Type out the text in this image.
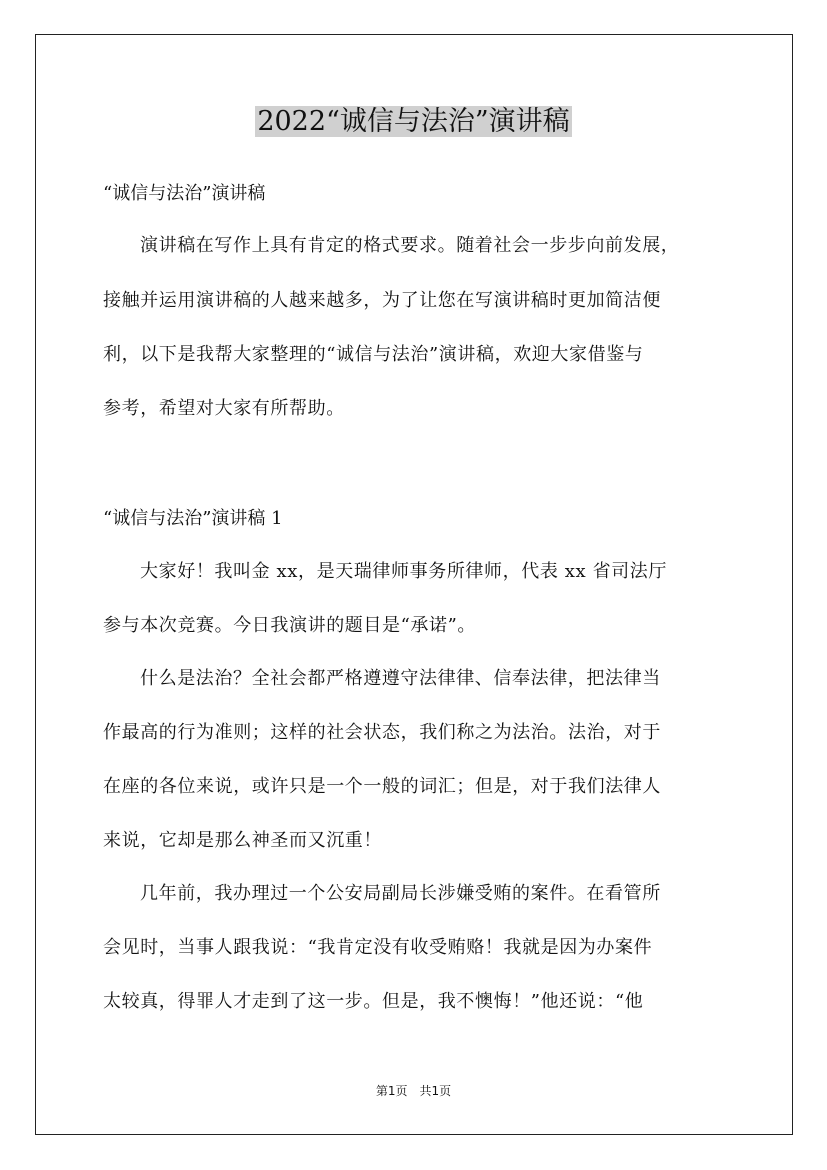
2022“诚信与法治”演讲稿
“诚信与法治”演讲稿
演讲稿在写作上具有肯定的格式要求。随着社会一步步向前发展，
接触并运用演讲稿的人越来越多，为了让您在写演讲稿时更加简洁便
利，以下是我帮大家整理的“诚信与法治”演讲稿，欢迎大家借鉴与
参考，希望对大家有所帮助。
“诚信与法治”演讲稿 1
大家好！我叫金 xx，是天瑞律师事务所律师，代表 xx 省司法厅
参与本次竞赛。今日我演讲的题目是“承诺”。
什么是法治？全社会都严格遵遵守法律律、信奉法律，把法律当
作最高的行为准则；这样的社会状态，我们称之为法治。法治，对于
在座的各位来说，或许只是一个一般的词汇；但是，对于我们法律人
来说，它却是那么神圣而又沉重！
几年前，我办理过一个公安局副局长涉嫌受贿的案件。在看管所
会见时，当事人跟我说：“我肯定没有收受贿赂！我就是因为办案件
太较真，得罪人才走到了这一步。但是，我不懊悔！”他还说：“他
第1页　共1页
